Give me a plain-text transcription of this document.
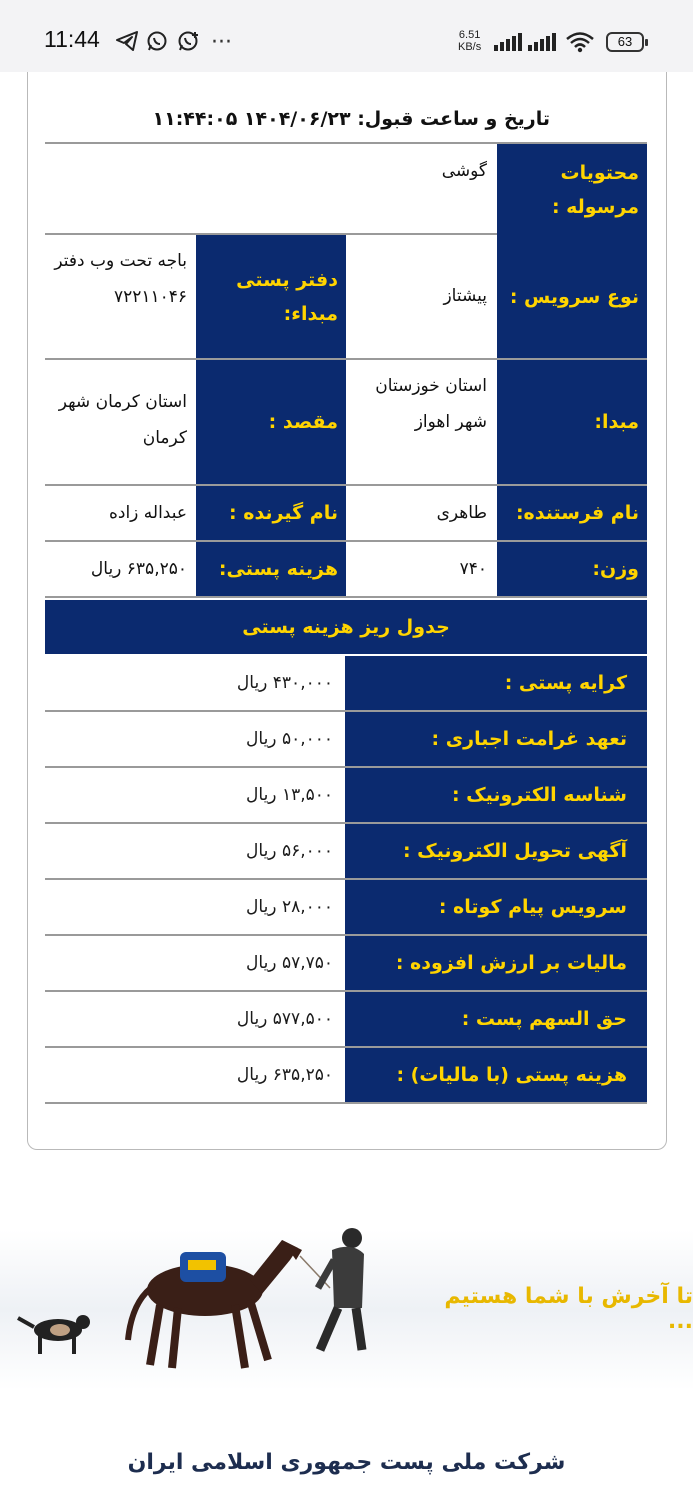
11:44	···	6.51
KB/s	63
تاریخ و ساعت قبول: ۱۴۰۴/۰۶/۲۳ ۱۱:۴۴:۰۵
محتویات مرسوله :
گوشی
نوع سرویس :
پیشتاز
دفتر پستی مبداء:
باجه تحت وب دفتر ۷۲۲۱۱۰۴۶
مبدا:
استان خوزستان شهر اهواز
مقصد :
استان کرمان شهر کرمان
نام فرستنده:
طاهری
نام گیرنده :
عبداله زاده
وزن:
۷۴۰
هزینه پستی:
۶۳۵,۲۵۰ ریال
جدول ریز هزینه پستی
کرایه پستی :
۴۳۰,۰۰۰ ریال
تعهد غرامت اجباری :
۵۰,۰۰۰ ریال
شناسه الکترونیک :
۱۳,۵۰۰ ریال
آگهی تحویل الکترونیک :
۵۶,۰۰۰ ریال
سرویس پیام کوتاه :
۲۸,۰۰۰ ریال
مالیات بر ارزش افزوده :
۵۷,۷۵۰ ریال
حق السهم پست :
۵۷۷,۵۰۰ ریال
هزینه پستی (با مالیات) :
۶۳۵,۲۵۰ ریال
تا آخرش با شما هستیم ...
شرکت ملی پست جمهوری اسلامی ایران
